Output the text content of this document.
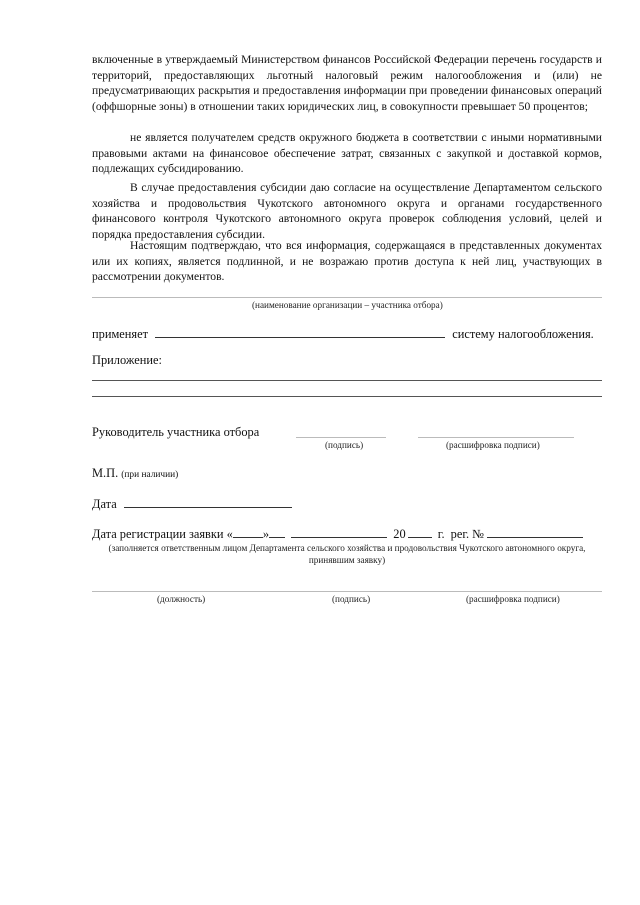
включенные в утверждаемый Министерством финансов Российской Федерации перечень государств и территорий, предоставляющих льготный налоговый режим налогообложения и (или) не предусматривающих раскрытия и предоставления информации при проведении финансовых операций (оффшорные зоны) в отношении таких юридических лиц, в совокупности превышает 50 процентов;

не является получателем средств окружного бюджета в соответствии с иными нормативными правовыми актами на финансовое обеспечение затрат, связанных с закупкой и доставкой кормов, подлежащих субсидированию.

В случае предоставления субсидии даю согласие на осуществление Департаментом сельского хозяйства и продовольствия Чукотского автономного округа и органами государственного финансового контроля Чукотского автономного округа проверок соблюдения условий, целей и порядка предоставления субсидии.

Настоящим подтверждаю, что вся информация, содержащаяся в представленных документах или их копиях, является подлинной, и не возражаю против доступа к ней лиц, участвующих в рассмотрении документов.

(наименование организации – участника отбора)
применяет	систему налогообложения.
Приложение:
Руководитель участника отбора
(подпись)	(расшифровка подписи)
М.П. (при наличии)
Дата
Дата регистрации заявки « »	20	г. рег. №
(заполняется ответственным лицом Департамента сельского хозяйства и продовольствия Чукотского автономного округа, принявшим заявку)
(должность)	(подпись)	(расшифровка подписи)
